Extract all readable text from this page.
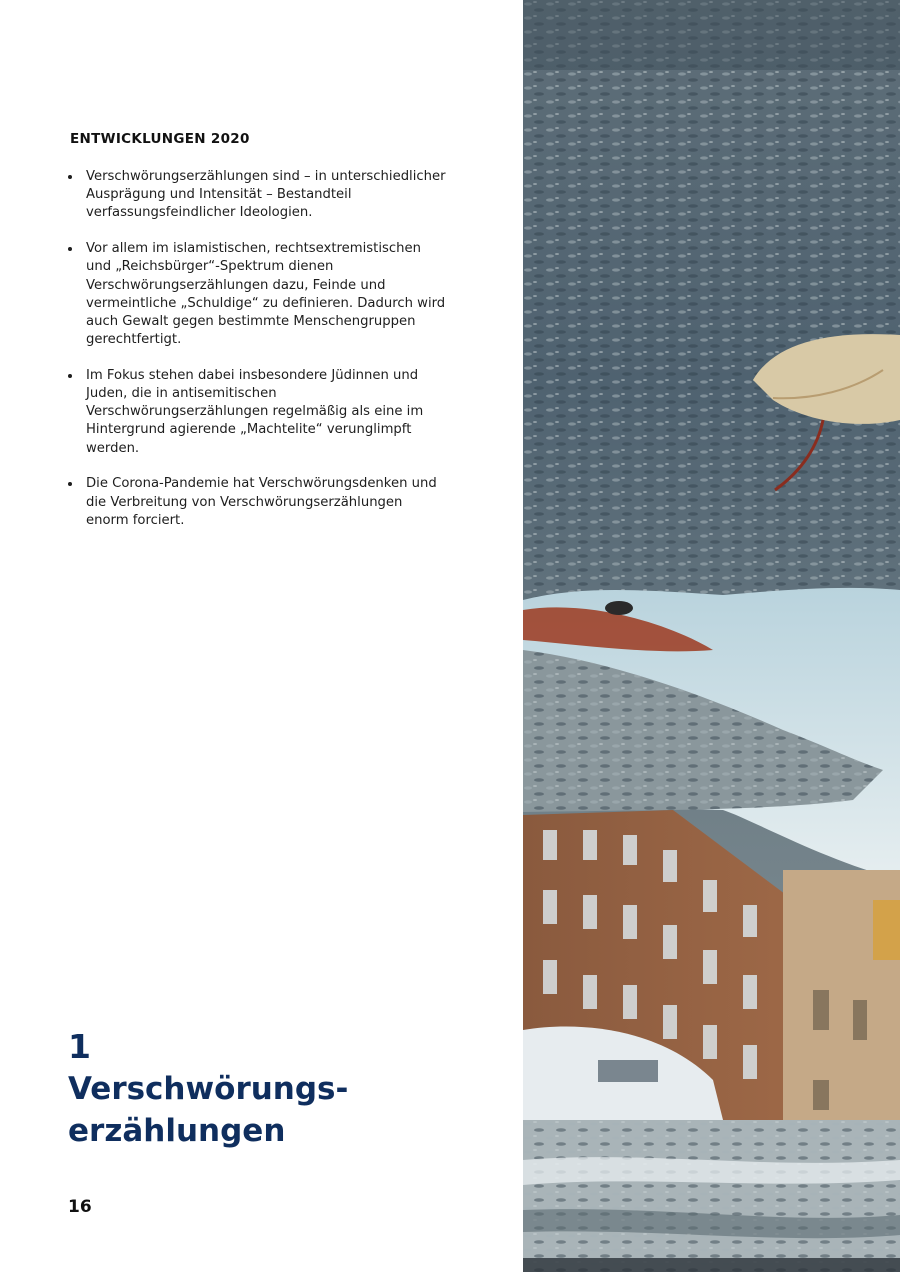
ENTWICKLUNGEN 2020
Verschwörungserzählungen sind – in unterschiedlicher Ausprägung und Intensität – Bestandteil verfassungsfeindlicher Ideologien.
Vor allem im islamistischen, rechtsextremistischen und „Reichsbürger“-Spektrum dienen Verschwörungserzählungen dazu, Feinde und vermeintliche „Schuldige“ zu definieren. Dadurch wird auch Gewalt gegen bestimmte Menschengruppen gerechtfertigt.
Im Fokus stehen dabei insbesondere Jüdinnen und Juden, die in antisemitischen Verschwörungserzählungen regelmäßig als eine im Hintergrund agierende „Machtelite“ verunglimpft werden.
Die Corona-Pandemie hat Verschwörungsdenken und die Verbreitung von Verschwörungserzählungen enorm forciert.
1
Verschwörungs-
erzählungen
16
